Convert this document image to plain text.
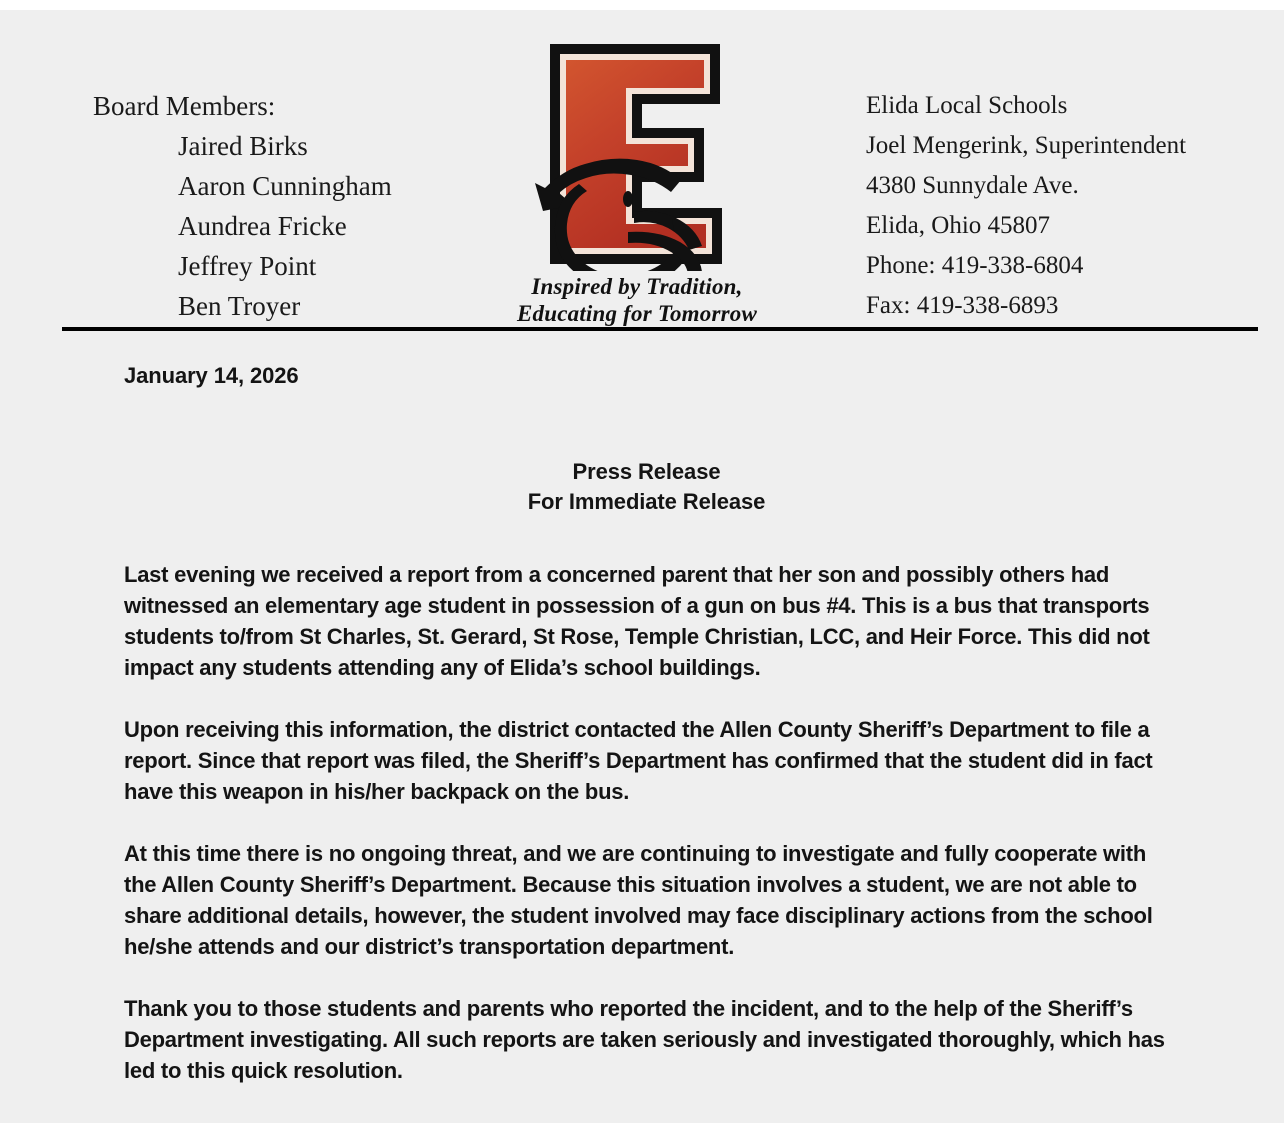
Board Members:
Jaired Birks
Aaron Cunningham
Aundrea Fricke
Jeffrey Point
Ben Troyer
Inspired by Tradition,
Educating for Tomorrow
Elida Local Schools
Joel Mengerink, Superintendent
4380 Sunnydale Ave.
Elida, Ohio 45807
Phone: 419-338-6804
Fax: 419-338-6893
January 14, 2026
Press Release
For Immediate Release

Last evening we received a report from a concerned parent that her son and possibly others had witnessed an elementary age student in possession of a gun on bus #4. This is a bus that transports students to/from St Charles, St. Gerard, St Rose, Temple Christian, LCC, and Heir Force. This did not impact any students attending any of Elida’s school buildings.

Upon receiving this information, the district contacted the Allen County Sheriff’s Department to file a report. Since that report was filed, the Sheriff’s Department has confirmed that the student did in fact have this weapon in his/her backpack on the bus.

At this time there is no ongoing threat, and we are continuing to investigate and fully cooperate with the Allen County Sheriff’s Department. Because this situation involves a student, we are not able to share additional details, however, the student involved may face disciplinary actions from the school he/she attends and our district’s transportation department.

Thank you to those students and parents who reported the incident, and to the help of the Sheriff’s Department investigating. All such reports are taken seriously and investigated thoroughly, which has led to this quick resolution.
